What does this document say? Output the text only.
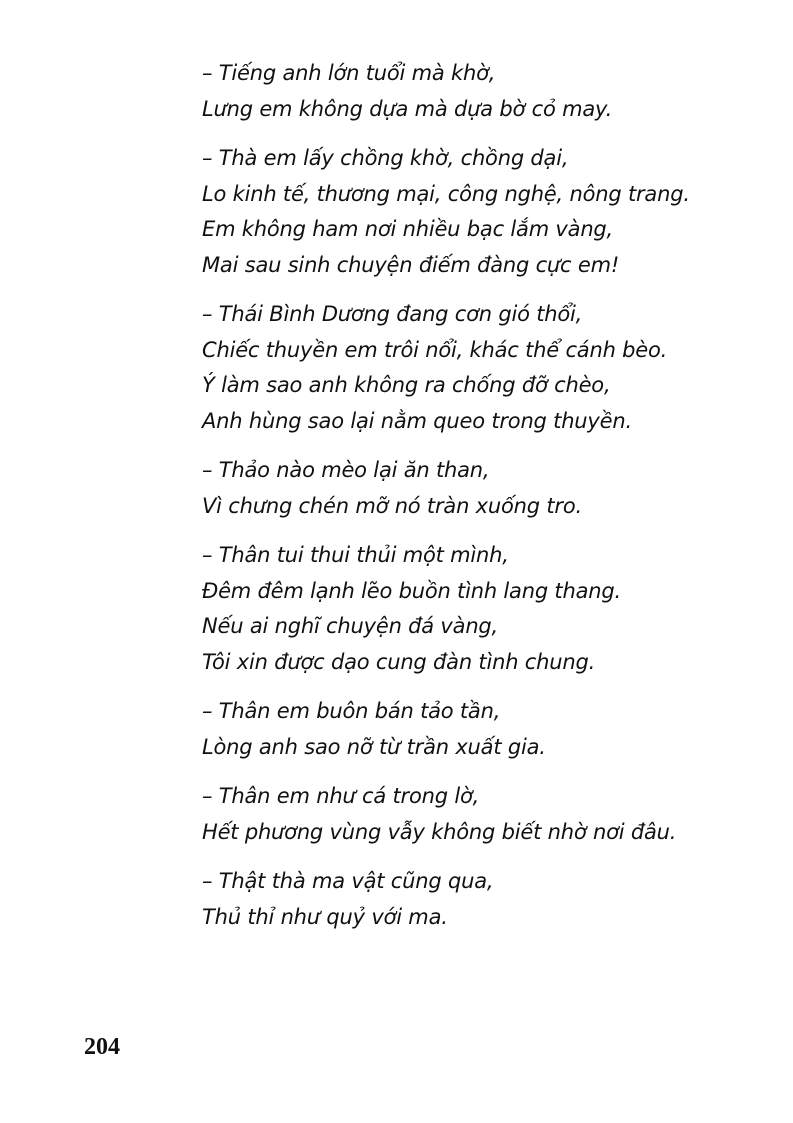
– Tiếng anh lớn tuổi mà khờ,
Lưng em không dựa mà dựa bờ cỏ may.
– Thà em lấy chồng khờ, chồng dại,
Lo kinh tế, thương mại, công nghệ, nông trang.
Em không ham nơi nhiều bạc lắm vàng,
Mai sau sinh chuyện điếm đàng cực em!
– Thái Bình Dương đang cơn gió thổi,
Chiếc thuyền em trôi nổi, khác thể cánh bèo.
Ý làm sao anh không ra chống đỡ chèo,
Anh hùng sao lại nằm queo trong thuyền.
– Thảo nào mèo lại ăn than,
Vì chưng chén mỡ nó tràn xuống tro.
– Thân tui thui thủi một mình,
Đêm đêm lạnh lẽo buồn tình lang thang.
Nếu ai nghĩ chuyện đá vàng,
Tôi xin được dạo cung đàn tình chung.
– Thân em buôn bán tảo tần,
Lòng anh sao nỡ từ trần xuất gia.
– Thân em như cá trong lờ,
Hết phương vùng vẫy không biết nhờ nơi đâu.
– Thật thà ma vật cũng qua,
Thủ thỉ như quỷ với ma.
204
